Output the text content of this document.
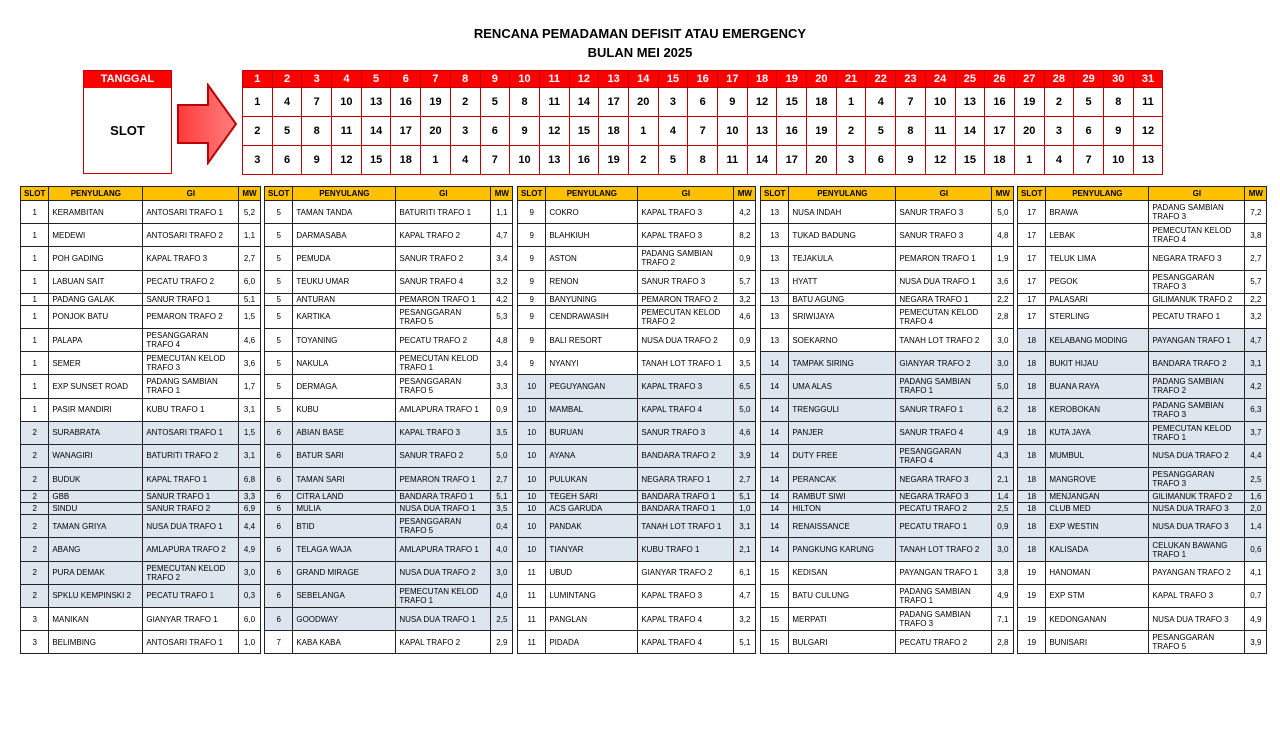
RENCANA PEMADAMAN DEFISIT ATAU EMERGENCY
BULAN MEI 2025
TANGGAL
SLOT
1	2	3	4	5	6	7	8	9	10	11	12	13	14	15	16	17	18	19	20	21	22	23	24	25	26	27	28	29	30	31
1	4	7	10	13	16	19	2	5	8	11	14	17	20	3	6	9	12	15	18	1	4	7	10	13	16	19	2	5	8	11
2	5	8	11	14	17	20	3	6	9	12	15	18	1	4	7	10	13	16	19	2	5	8	11	14	17	20	3	6	9	12
3	6	9	12	15	18	1	4	7	10	13	16	19	2	5	8	11	14	17	20	3	6	9	12	15	18	1	4	7	10	13
SLOT	PENYULANG	GI	MW
1	KERAMBITAN	ANTOSARI TRAFO 1	5,2
1	MEDEWI	ANTOSARI TRAFO 2	1,1
1	POH GADING	KAPAL TRAFO 3	2,7
1	LABUAN SAIT	PECATU TRAFO 2	6,0
1	PADANG GALAK	SANUR TRAFO 1	5,1
1	PONJOK BATU	PEMARON TRAFO 2	1,5
1	PALAPA	PESANGGARAN TRAFO 4	4,6
1	SEMER	PEMECUTAN KELOD TRAFO 3	3,6
1	EXP SUNSET ROAD	PADANG SAMBIAN TRAFO 1	1,7
1	PASIR MANDIRI	KUBU TRAFO 1	3,1
2	SURABRATA	ANTOSARI TRAFO 1	1,5
2	WANAGIRI	BATURITI TRAFO 2	3,1
2	BUDUK	KAPAL TRAFO 1	6,8
2	GBB	SANUR TRAFO 1	3,3
2	SINDU	SANUR TRAFO 2	6,9
2	TAMAN GRIYA	NUSA DUA TRAFO 1	4,4
2	ABANG	AMLAPURA TRAFO 2	4,9
2	PURA DEMAK	PEMECUTAN KELOD TRAFO 2	3,0
2	SPKLU KEMPINSKI 2	PECATU TRAFO 1	0,3
3	MANIKAN	GIANYAR TRAFO 1	6,0
3	BELIMBING	ANTOSARI TRAFO 1	1,0
SLOT	PENYULANG	GI	MW
5	TAMAN TANDA	BATURITI TRAFO 1	1,1
5	DARMASABA	KAPAL TRAFO 2	4,7
5	PEMUDA	SANUR TRAFO 2	3,4
5	TEUKU UMAR	SANUR TRAFO 4	3,2
5	ANTURAN	PEMARON TRAFO 1	4,2
5	KARTIKA	PESANGGARAN TRAFO 5	5,3
5	TOYANING	PECATU TRAFO 2	4,8
5	NAKULA	PEMECUTAN KELOD TRAFO 1	3,4
5	DERMAGA	PESANGGARAN TRAFO 5	3,3
5	KUBU	AMLAPURA TRAFO 1	0,9
6	ABIAN BASE	KAPAL TRAFO 3	3,5
6	BATUR SARI	SANUR TRAFO 2	5,0
6	TAMAN SARI	PEMARON TRAFO 1	2,7
6	CITRA LAND	BANDARA TRAFO 1	5,1
6	MULIA	NUSA DUA TRAFO 1	3,5
6	BTID	PESANGGARAN TRAFO 5	0,4
6	TELAGA WAJA	AMLAPURA TRAFO 1	4,0
6	GRAND MIRAGE	NUSA DUA TRAFO 2	3,0
6	SEBELANGA	PEMECUTAN KELOD TRAFO 1	4,0
6	GOODWAY	NUSA DUA TRAFO 1	2,5
7	KABA KABA	KAPAL TRAFO 2	2,9
SLOT	PENYULANG	GI	MW
9	COKRO	KAPAL TRAFO 3	4,2
9	BLAHKIUH	KAPAL TRAFO 3	8,2
9	ASTON	PADANG SAMBIAN TRAFO 2	0,9
9	RENON	SANUR TRAFO 3	5,7
9	BANYUNING	PEMARON TRAFO 2	3,2
9	CENDRAWASIH	PEMECUTAN KELOD TRAFO 2	4,6
9	BALI RESORT	NUSA DUA TRAFO 2	0,9
9	NYANYI	TANAH LOT TRAFO 1	3,5
10	PEGUYANGAN	KAPAL TRAFO 3	6,5
10	MAMBAL	KAPAL TRAFO 4	5,0
10	BURUAN	SANUR TRAFO 3	4,6
10	AYANA	BANDARA TRAFO 2	3,9
10	PULUKAN	NEGARA TRAFO 1	2,7
10	TEGEH SARI	BANDARA TRAFO 1	5,1
10	ACS GARUDA	BANDARA TRAFO 1	1,0
10	PANDAK	TANAH LOT TRAFO 1	3,1
10	TIANYAR	KUBU TRAFO 1	2,1
11	UBUD	GIANYAR TRAFO 2	6,1
11	LUMINTANG	KAPAL TRAFO 3	4,7
11	PANGLAN	KAPAL TRAFO 4	3,2
11	PIDADA	KAPAL TRAFO 4	5,1
SLOT	PENYULANG	GI	MW
13	NUSA INDAH	SANUR TRAFO 3	5,0
13	TUKAD BADUNG	SANUR TRAFO 3	4,8
13	TEJAKULA	PEMARON TRAFO 1	1,9
13	HYATT	NUSA DUA TRAFO 1	3,6
13	BATU AGUNG	NEGARA TRAFO 1	2,2
13	SRIWIJAYA	PEMECUTAN KELOD TRAFO 4	2,8
13	SOEKARNO	TANAH LOT TRAFO 2	3,0
14	TAMPAK SIRING	GIANYAR TRAFO 2	3,0
14	UMA ALAS	PADANG SAMBIAN TRAFO 1	5,0
14	TRENGGULI	SANUR TRAFO 1	6,2
14	PANJER	SANUR TRAFO 4	4,9
14	DUTY FREE	PESANGGARAN TRAFO 4	4,3
14	PERANCAK	NEGARA TRAFO 3	2,1
14	RAMBUT SIWI	NEGARA TRAFO 3	1,4
14	HILTON	PECATU TRAFO 2	2,5
14	RENAISSANCE	PECATU TRAFO 1	0,9
14	PANGKUNG KARUNG	TANAH LOT TRAFO 2	3,0
15	KEDISAN	PAYANGAN TRAFO 1	3,8
15	BATU CULUNG	PADANG SAMBIAN TRAFO 1	4,9
15	MERPATI	PADANG SAMBIAN TRAFO 3	7,1
15	BULGARI	PECATU TRAFO 2	2,8
SLOT	PENYULANG	GI	MW
17	BRAWA	PADANG SAMBIAN TRAFO 3	7,2
17	LEBAK	PEMECUTAN KELOD TRAFO 4	3,8
17	TELUK LIMA	NEGARA TRAFO 3	2,7
17	PEGOK	PESANGGARAN TRAFO 3	5,7
17	PALASARI	GILIMANUK TRAFO 2	2,2
17	STERLING	PECATU TRAFO 1	3,2
18	KELABANG MODING	PAYANGAN TRAFO 1	4,7
18	BUKIT HIJAU	BANDARA TRAFO 2	3,1
18	BUANA RAYA	PADANG SAMBIAN TRAFO 2	4,2
18	KEROBOKAN	PADANG SAMBIAN TRAFO 3	6,3
18	KUTA JAYA	PEMECUTAN KELOD TRAFO 1	3,7
18	MUMBUL	NUSA DUA TRAFO 2	4,4
18	MANGROVE	PESANGGARAN TRAFO 3	2,5
18	MENJANGAN	GILIMANUK TRAFO 2	1,6
18	CLUB MED	NUSA DUA TRAFO 3	2,0
18	EXP WESTIN	NUSA DUA TRAFO 3	1,4
18	KALISADA	CELUKAN BAWANG TRAFO 1	0,6
19	HANOMAN	PAYANGAN TRAFO 2	4,1
19	EXP STM	KAPAL TRAFO 3	0,7
19	KEDONGANAN	NUSA DUA TRAFO 3	4,9
19	BUNISARI	PESANGGARAN TRAFO 5	3,9
